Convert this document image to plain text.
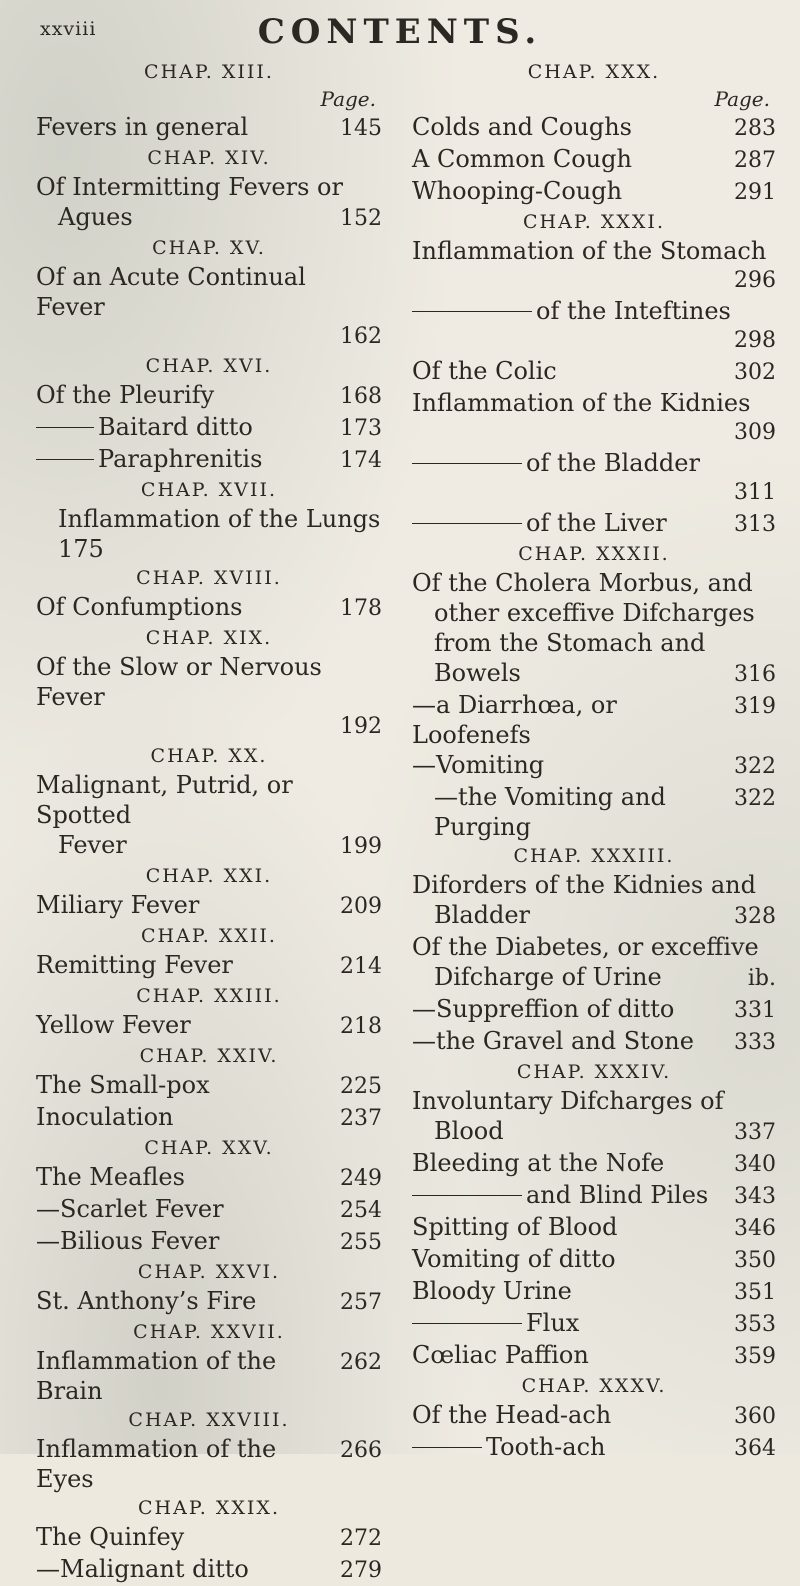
xxviii	CONTENTS.
CHAP. XIII.
Page.
Fevers in general	145
CHAP. XIV.
Of Intermitting Fevers or
Agues	152
CHAP. XV.
Of an Acute Continual Fever
162
CHAP. XVI.
Of the Pleurify	168
Baitard ditto	173
Paraphrenitis	174
CHAP. XVII.
Inflammation of the Lungs 175
CHAP. XVIII.
Of Confumptions	178
CHAP. XIX.
Of the Slow or Nervous Fever
192
CHAP. XX.
Malignant, Putrid, or Spotted
Fever	199
CHAP. XXI.
Miliary Fever	209
CHAP. XXII.
Remitting Fever	214
CHAP. XXIII.
Yellow Fever	218
CHAP. XXIV.
The Small-pox	225
Inoculation	237
CHAP. XXV.
The Meafles	249
—Scarlet Fever	254
—Bilious Fever	255
CHAP. XXVI.
St. Anthony’s Fire	257
CHAP. XXVII.
Inflammation of the Brain
262
CHAP. XXVIII.
Inflammation of the Eyes
266
CHAP. XXIX.
The Quinfey	272
—Malignant ditto	279
CHAP. XXX.
Page.
Colds and Coughs	283
A Common Cough	287
Whooping-Cough	291
CHAP. XXXI.
Inflammation of the Stomach
296
of the Inteftines
298
Of the Colic	302
Inflammation of the Kidnies
309
of the Bladder
311
of the Liver	313
CHAP. XXXII.
Of the Cholera Morbus, and
other exceffive Difcharges
from the Stomach and
Bowels	316
—a Diarrhœa, or Loofenefs
319
—Vomiting	322
—the Vomiting and Purging
322
CHAP. XXXIII.
Diforders of the Kidnies and
Bladder	328
Of the Diabetes, or exceffive
Difcharge of Urine	ib.
—Suppreffion of ditto	331
—the Gravel and Stone	333
CHAP. XXXIV.
Involuntary Difcharges of
Blood	337
Bleeding at the Nofe	340
and Blind Piles	343
Spitting of Blood	346
Vomiting of ditto	350
Bloody Urine	351
Flux	353
Cœliac Paffion	359
CHAP. XXXV.
Of the Head-ach	360
Tooth-ach	364
